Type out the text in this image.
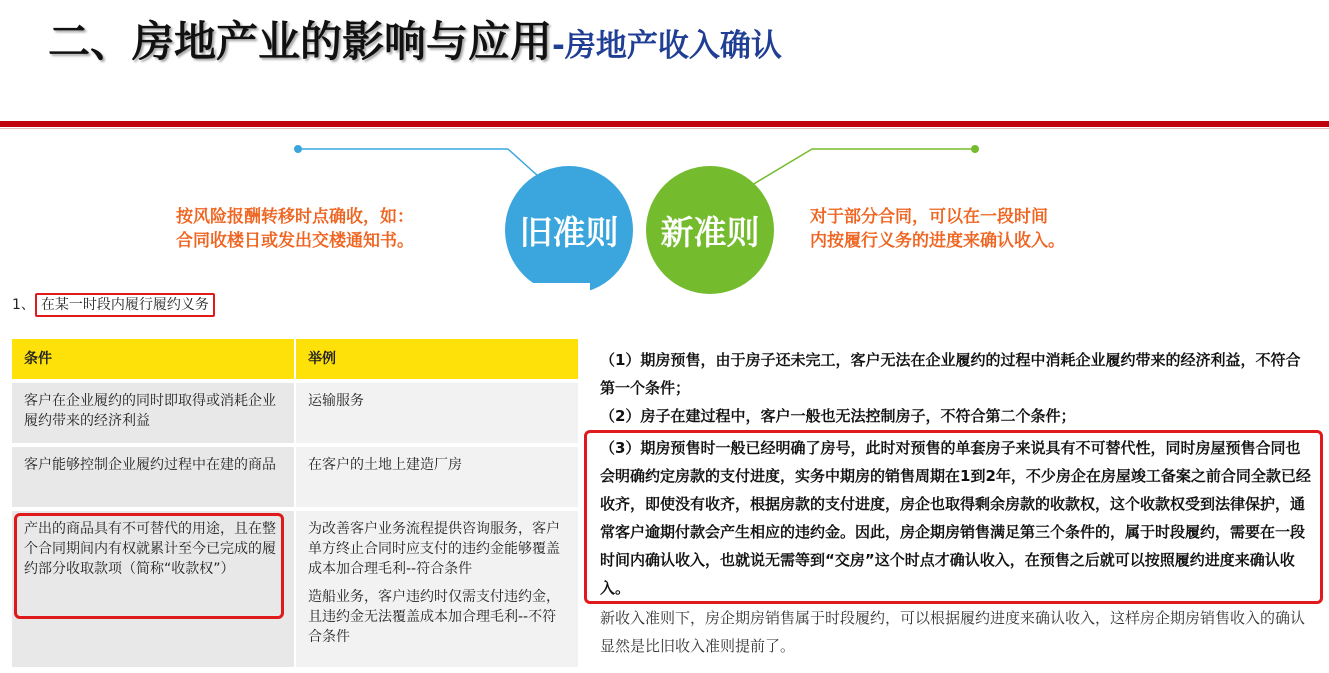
二、房地产业的影响与应用-房地产收入确认
按风险报酬转移时点确收，如：
合同收楼日或发出交楼通知书。	旧准则 新准则	对于部分合同，可以在一段时间
内按履行义务的进度来确认收入。
1、 在某一时段内履行履约义务
条件	举例
客户在企业履约的同时即取得或消耗企业履约带来的经济利益	运输服务
客户能够控制企业履约过程中在建的商品	在客户的土地上建造厂房
产出的商品具有不可替代的用途，且在整个合同期间内有权就累计至今已完成的履约部分收取款项（简称“收款权”）	为改善客户业务流程提供咨询服务，客户单方终止合同时应支付的违约金能够覆盖成本加合理毛利--符合条件
造船业务，客户违约时仅需支付违约金，且违约金无法覆盖成本加合理毛利--不符合条件
（1）期房预售，由于房子还未完工，客户无法在企业履约的过程中消耗企业履约带来的经济利益，不符合第一个条件；
（2）房子在建过程中，客户一般也无法控制房子，不符合第二个条件；
（3）期房预售时一般已经明确了房号，此时对预售的单套房子来说具有不可替代性，同时房屋预售合同也会明确约定房款的支付进度，实务中期房的销售周期在1到2年，不少房企在房屋竣工备案之前合同全款已经收齐，即使没有收齐，根据房款的支付进度，房企也取得剩余房款的收款权，这个收款权受到法律保护，通常客户逾期付款会产生相应的违约金。因此，房企期房销售满足第三个条件的，属于时段履约，需要在一段时间内确认收入，也就说无需等到“交房”这个时点才确认收入，在预售之后就可以按照履约进度来确认收入。
新收入准则下，房企期房销售属于时段履约，可以根据履约进度来确认收入，这样房企期房销售收入的确认显然是比旧收入准则提前了。
